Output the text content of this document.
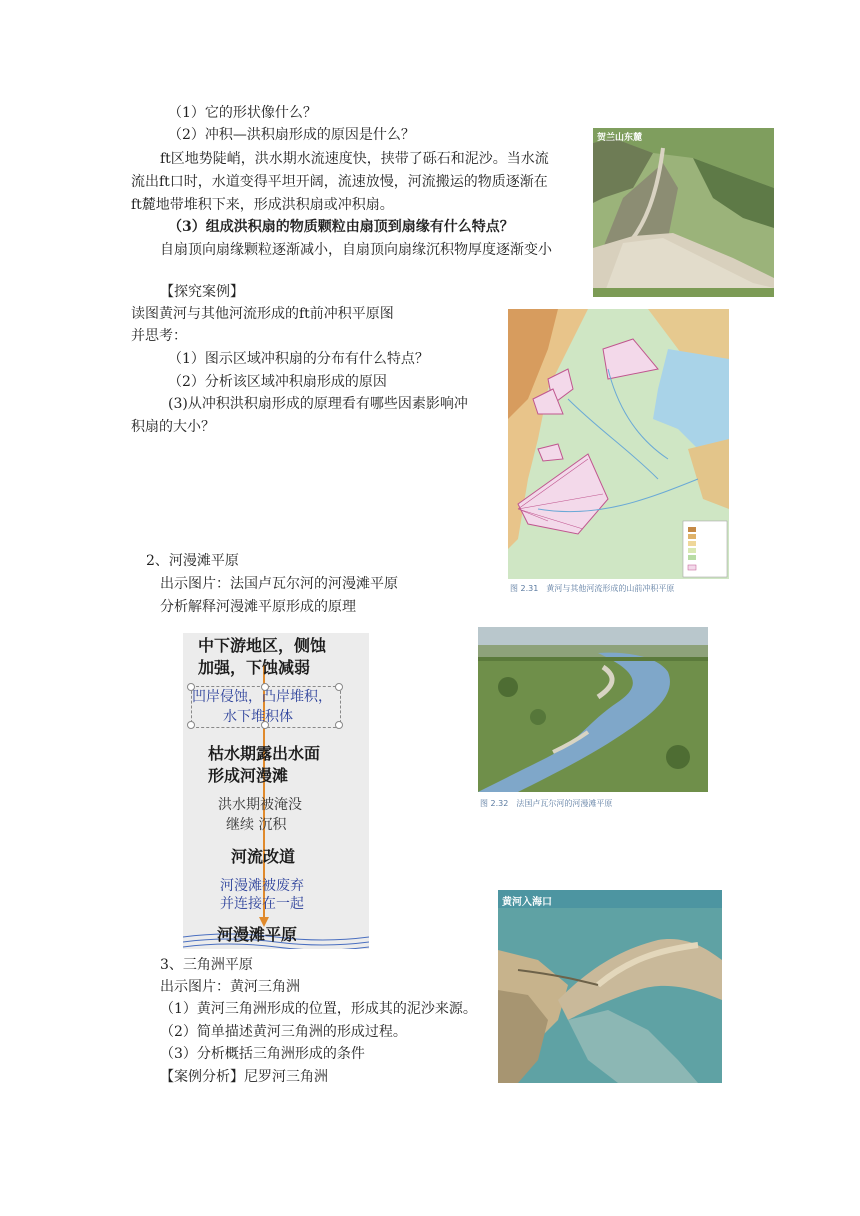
（1）它的形状像什么？
（2）冲积—洪积扇形成的原因是什么？
ft区地势陡峭，洪水期水流速度快，挟带了砾石和泥沙。当水流
流出ft口时，水道变得平坦开阔，流速放慢，河流搬运的物质逐渐在
ft麓地带堆积下来，形成洪积扇或冲积扇。
（3）组成洪积扇的物质颗粒由扇顶到扇缘有什么特点？
自扇顶向扇缘颗粒逐渐减小，自扇顶向扇缘沉积物厚度逐渐变小
贺兰山东麓
【探究案例】
读图黄河与其他河流形成的ft前冲积平原图
并思考：
（1）图示区域冲积扇的分布有什么特点？
（2）分析该区域冲积扇形成的原因
(3)从冲积洪积扇形成的原理看有哪些因素影响冲
积扇的大小？
图 2.31　黄河与其他河流形成的山前冲积平原
2、河漫滩平原
出示图片：法国卢瓦尔河的河漫滩平原
分析解释河漫滩平原形成的原理
中下游地区，侧蚀
加强，下蚀减弱
凹岸侵蚀，凸岸堆积，
水下堆积体
枯水期露出水面
形成河漫滩
洪水期被淹没
继续 沉积
河流改道
河漫滩被废弃
并连接在一起
河漫滩平原
图 2.32　法国卢瓦尔河的河漫滩平原
3、三角洲平原
出示图片：黄河三角洲
（1）黄河三角洲形成的位置，形成其的泥沙来源。
（2）简单描述黄河三角洲的形成过程。
（3）分析概括三角洲形成的条件
【案例分析】尼罗河三角洲
黄河入海口
